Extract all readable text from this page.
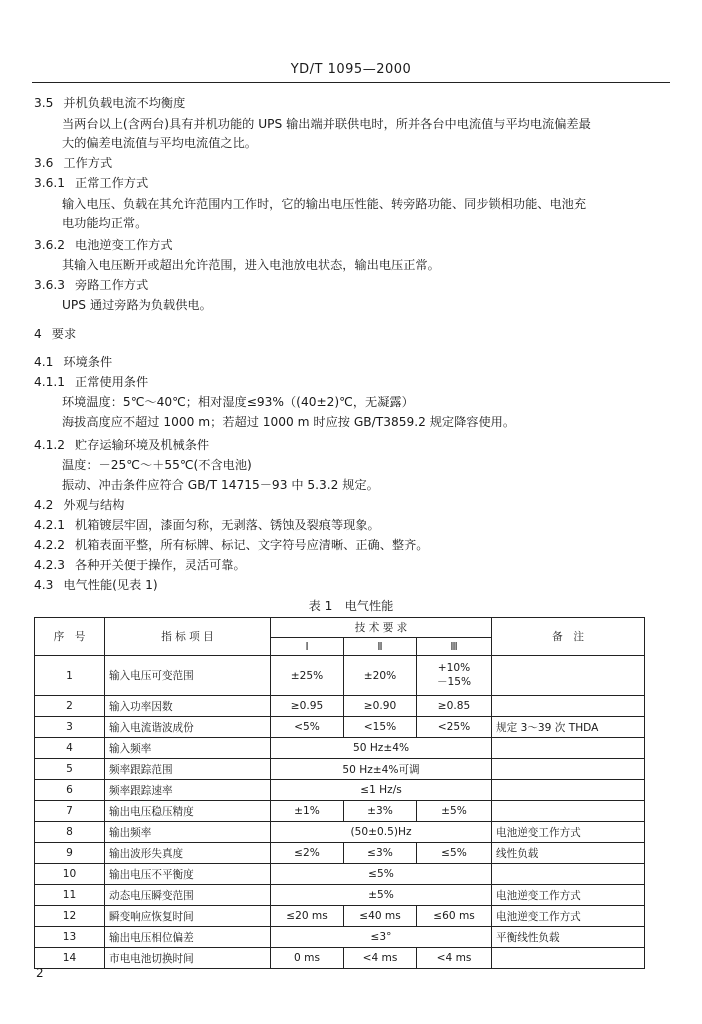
YD/T 1095—2000
3.5 并机负载电流不均衡度
当两台以上(含两台)具有并机功能的 UPS 输出端并联供电时，所并各台中电流值与平均电流偏差最
大的偏差电流值与平均电流值之比。
3.6 工作方式
3.6.1 正常工作方式
输入电压、负载在其允许范围内工作时，它的输出电压性能、转旁路功能、同步锁相功能、电池充
电功能均正常。
3.6.2 电池逆变工作方式
其输入电压断开或超出允许范围，进入电池放电状态，输出电压正常。
3.6.3 旁路工作方式
UPS 通过旁路为负载供电。
4 要求
4.1 环境条件
4.1.1 正常使用条件
环境温度：5℃～40℃；相对湿度≤93%（(40±2)℃，无凝露）
海拔高度应不超过 1000 m；若超过 1000 m 时应按 GB/T3859.2 规定降容使用。
4.1.2 贮存运输环境及机械条件
温度：－25℃～＋55℃(不含电池)
振动、冲击条件应符合 GB/T 14715－93 中 5.3.2 规定。
4.2 外观与结构
4.2.1 机箱镀层牢固，漆面匀称，无剥落、锈蚀及裂痕等现象。
4.2.2 机箱表面平整，所有标牌、标记、文字符号应清晰、正确、整齐。
4.2.3 各种开关便于操作，灵活可靠。
4.3 电气性能(见表 1)
表 1　电气性能
序　号	指 标 项 目	技 术 要 求			备　注
		Ⅰ	Ⅱ	Ⅲ	
1	输入电压可变范围	±25%	±20%	+10%
－15%	

2	输入功率因数	≥0.95	≥0.90	≥0.85	
3	输入电流谐波成份	<5%	<15%	<25%	规定 3～39 次 THDA
4	输入频率	50 Hz±4%			
5	频率跟踪范围	50 Hz±4%可调			
6	频率跟踪速率	≤1 Hz/s			
7	输出电压稳压精度	±1%	±3%	±5%	
8	输出频率	(50±0.5)Hz			电池逆变工作方式
9	输出波形失真度	≤2%	≤3%	≤5%	线性负载
10	输出电压不平衡度	≤5%			
11	动态电压瞬变范围	±5%			电池逆变工作方式
12	瞬变响应恢复时间	≤20 ms	≤40 ms	≤60 ms	电池逆变工作方式
13	输出电压相位偏差	≤3°			平衡线性负载
14	市电电池切换时间	0 ms	<4 ms	<4 ms	
2
